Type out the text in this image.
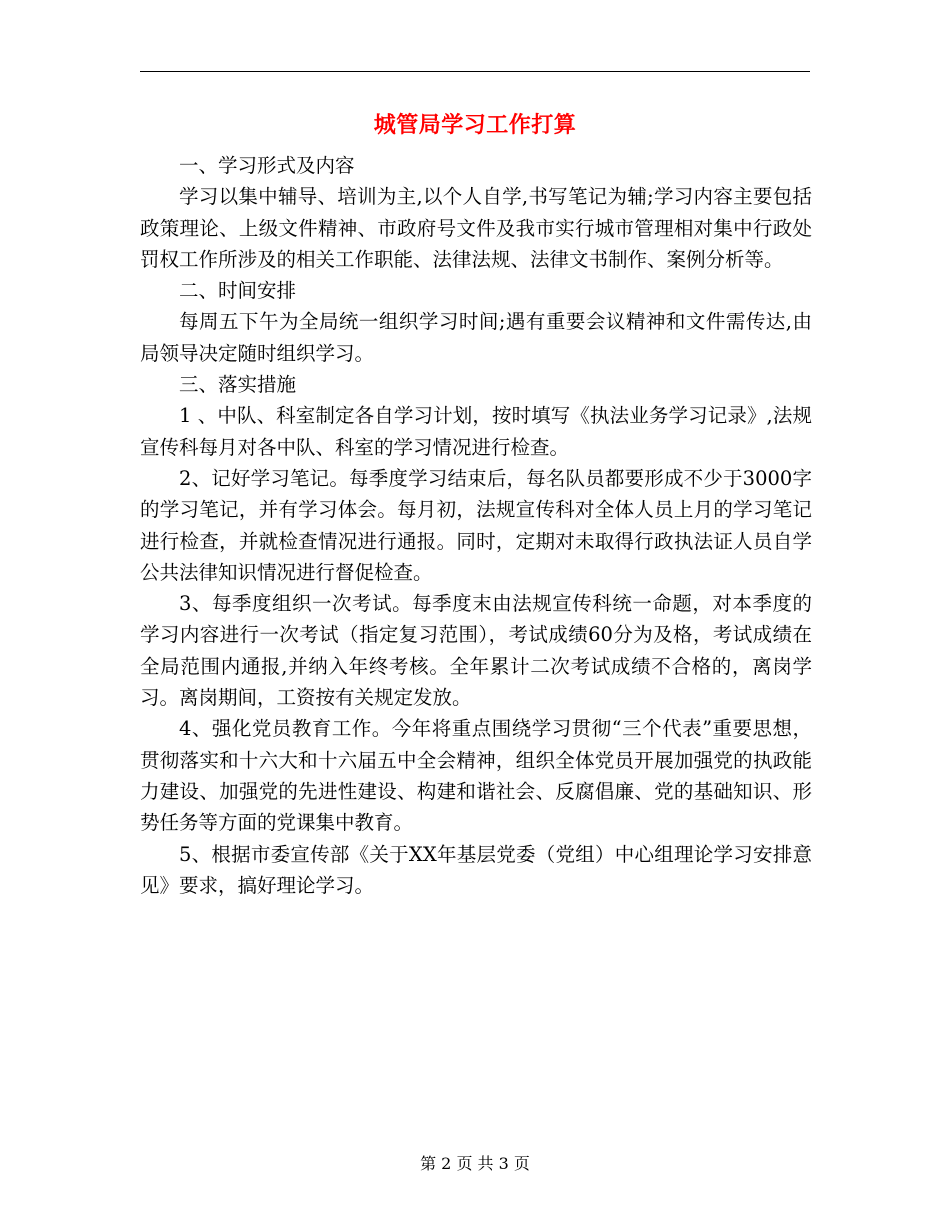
城管局学习工作打算

一、学习形式及内容

学习以集中辅导、培训为主,以个人自学,书写笔记为辅;学习内容主要包括政策理论、上级文件精神、市政府号文件及我市实行城市管理相对集中行政处罚权工作所涉及的相关工作职能、法律法规、法律文书制作、案例分析等。

二、时间安排

每周五下午为全局统一组织学习时间;遇有重要会议精神和文件需传达,由局领导决定随时组织学习。

三、落实措施

1 、中队、科室制定各自学习计划，按时填写《执法业务学习记录》,法规宣传科每月对各中队、科室的学习情况进行检查。

2、记好学习笔记。每季度学习结束后，每名队员都要形成不少于3000字的学习笔记，并有学习体会。每月初，法规宣传科对全体人员上月的学习笔记进行检查，并就检查情况进行通报。同时，定期对未取得行政执法证人员自学公共法律知识情况进行督促检查。

3、每季度组织一次考试。每季度末由法规宣传科统一命题，对本季度的学习内容进行一次考试（指定复习范围），考试成绩60分为及格，考试成绩在全局范围内通报,并纳入年终考核。全年累计二次考试成绩不合格的，离岗学习。离岗期间，工资按有关规定发放。

4、强化党员教育工作。今年将重点围绕学习贯彻“三个代表”重要思想，贯彻落实和十六大和十六届五中全会精神，组织全体党员开展加强党的执政能力建设、加强党的先进性建设、构建和谐社会、反腐倡廉、党的基础知识、形势任务等方面的党课集中教育。

5、根据市委宣传部《关于XX年基层党委（党组）中心组理论学习安排意见》要求，搞好理论学习。

第 2 页 共 3 页
